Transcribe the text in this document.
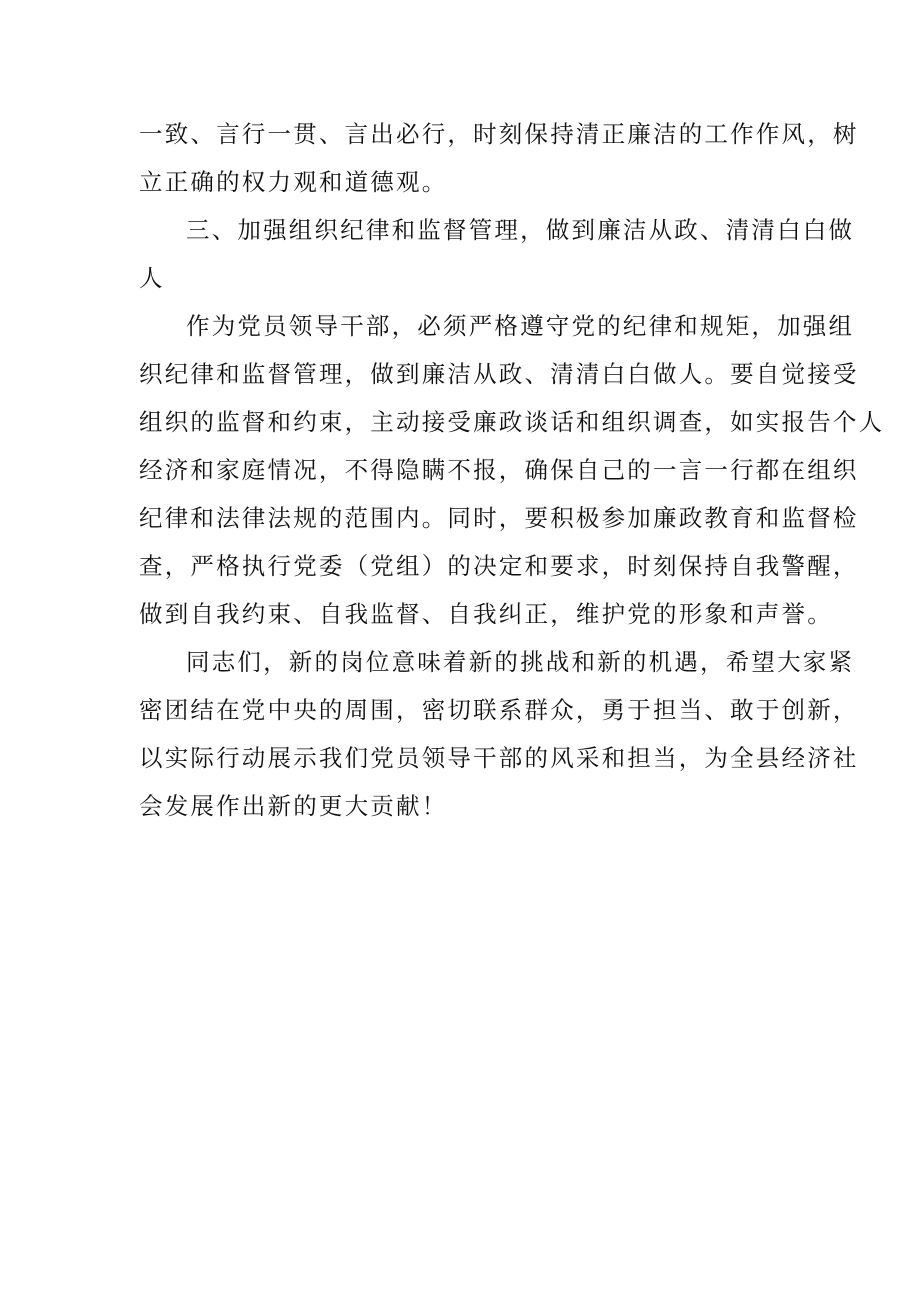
一致、言行一贯、言出必行，时刻保持清正廉洁的工作作风，树
立正确的权力观和道德观。
三、加强组织纪律和监督管理，做到廉洁从政、清清白白做
人
作为党员领导干部，必须严格遵守党的纪律和规矩，加强组
织纪律和监督管理，做到廉洁从政、清清白白做人。要自觉接受
组织的监督和约束，主动接受廉政谈话和组织调查，如实报告个人
经济和家庭情况，不得隐瞒不报，确保自己的一言一行都在组织
纪律和法律法规的范围内。同时，要积极参加廉政教育和监督检
查，严格执行党委（党组）的决定和要求，时刻保持自我警醒，
做到自我约束、自我监督、自我纠正，维护党的形象和声誉。
同志们，新的岗位意味着新的挑战和新的机遇，希望大家紧
密团结在党中央的周围，密切联系群众，勇于担当、敢于创新，
以实际行动展示我们党员领导干部的风采和担当，为全县经济社
会发展作出新的更大贡献！
